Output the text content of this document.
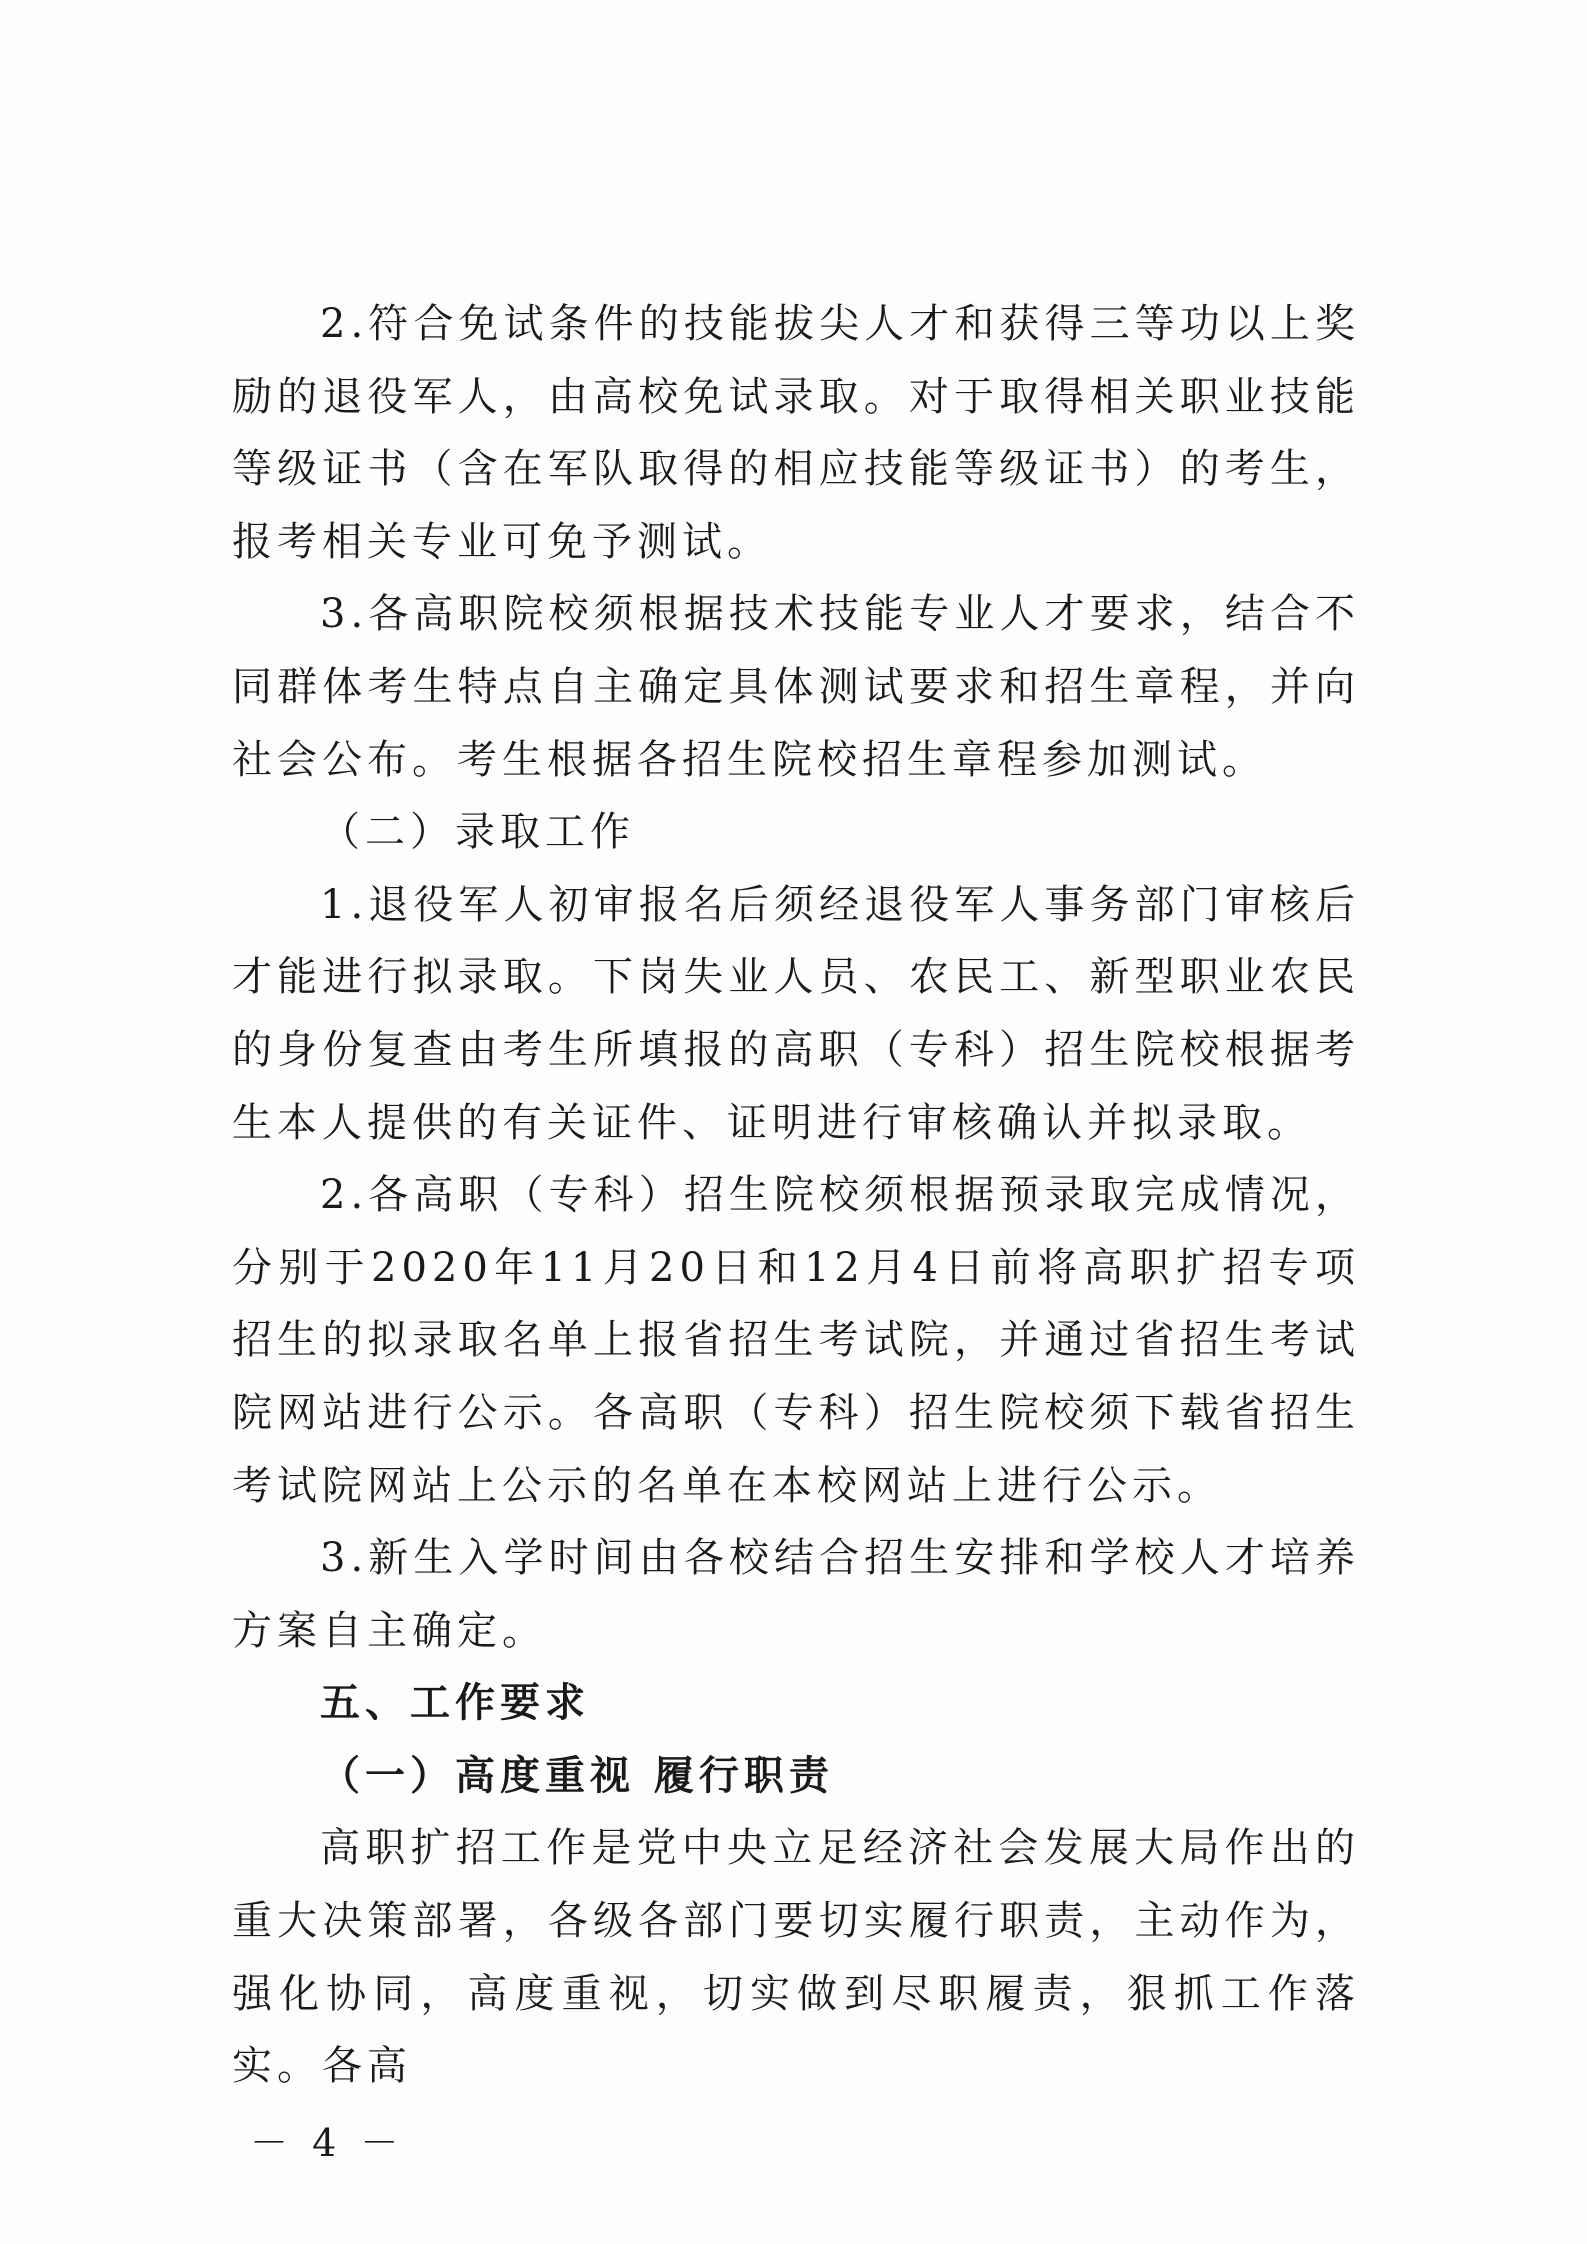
2.符合免试条件的技能拔尖人才和获得三等功以上奖励的退役军人，由高校免试录取。对于取得相关职业技能等级证书（含在军队取得的相应技能等级证书）的考生，报考相关专业可免予测试。

3.各高职院校须根据技术技能专业人才要求，结合不同群体考生特点自主确定具体测试要求和招生章程，并向社会公布。考生根据各招生院校招生章程参加测试。

（二）录取工作

1.退役军人初审报名后须经退役军人事务部门审核后才能进行拟录取。下岗失业人员、农民工、新型职业农民的身份复查由考生所填报的高职（专科）招生院校根据考生本人提供的有关证件、证明进行审核确认并拟录取。

2.各高职（专科）招生院校须根据预录取完成情况，分别于2020年11月20日和12月4日前将高职扩招专项招生的拟录取名单上报省招生考试院，并通过省招生考试院网站进行公示。各高职（专科）招生院校须下载省招生考试院网站上公示的名单在本校网站上进行公示。

3.新生入学时间由各校结合招生安排和学校人才培养方案自主确定。

五、工作要求

（一）高度重视 履行职责

高职扩招工作是党中央立足经济社会发展大局作出的重大决策部署，各级各部门要切实履行职责，主动作为，强化协同，高度重视，切实做到尽职履责，狠抓工作落实。各高

－ 4 －
